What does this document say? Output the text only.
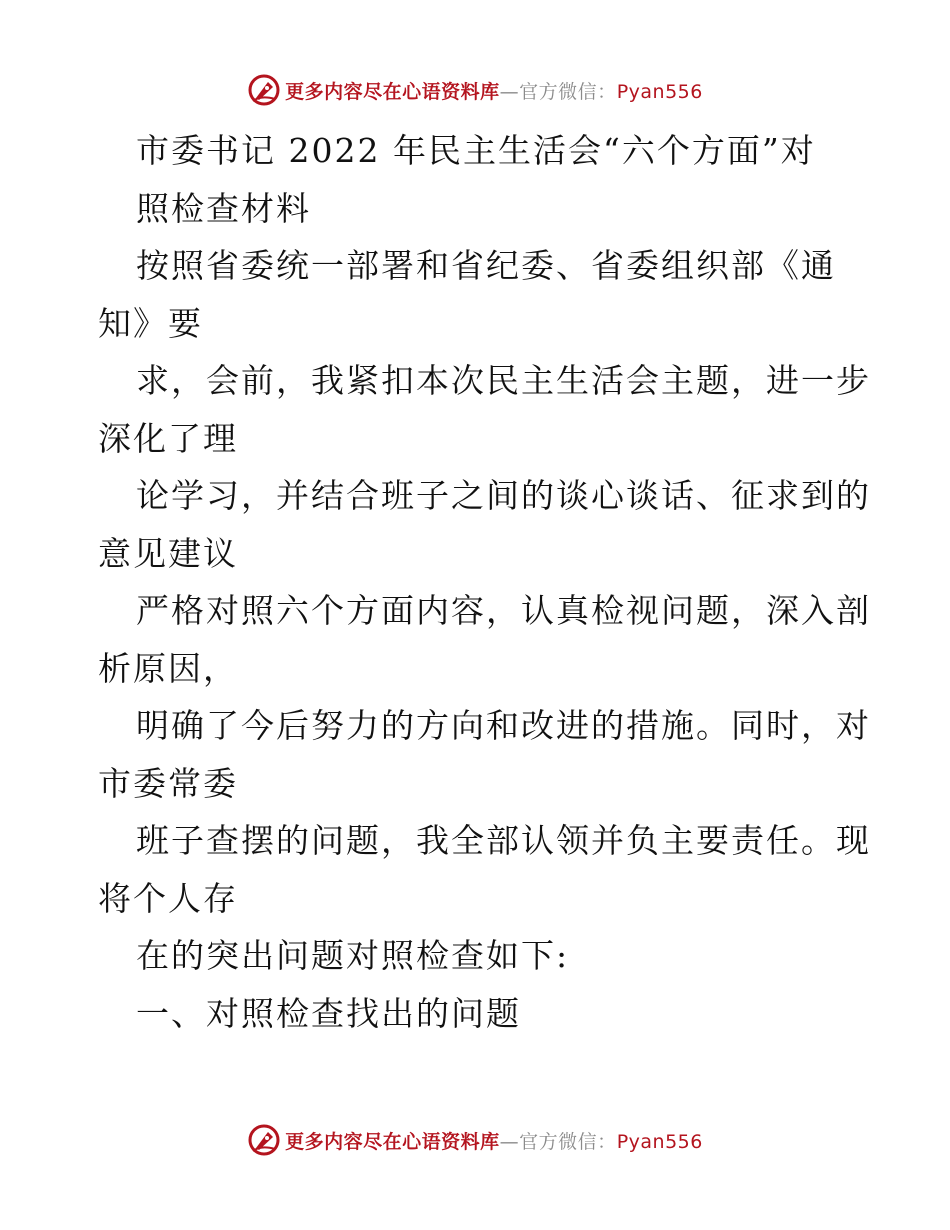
更多内容尽在心语资料库—官方微信：Pyan556
市委书记 2022 年民主生活会“六个方面”对
照检查材料
按照省委统一部署和省纪委、省委组织部《通
知》要
求，会前，我紧扣本次民主生活会主题，进一步
深化了理
论学习，并结合班子之间的谈心谈话、征求到的
意见建议
严格对照六个方面内容，认真检视问题，深入剖
析原因，
明确了今后努力的方向和改进的措施。同时，对
市委常委
班子查摆的问题，我全部认领并负主要责任。现
将个人存
在的突出问题对照检查如下:
一、对照检查找出的问题
更多内容尽在心语资料库—官方微信：Pyan556
